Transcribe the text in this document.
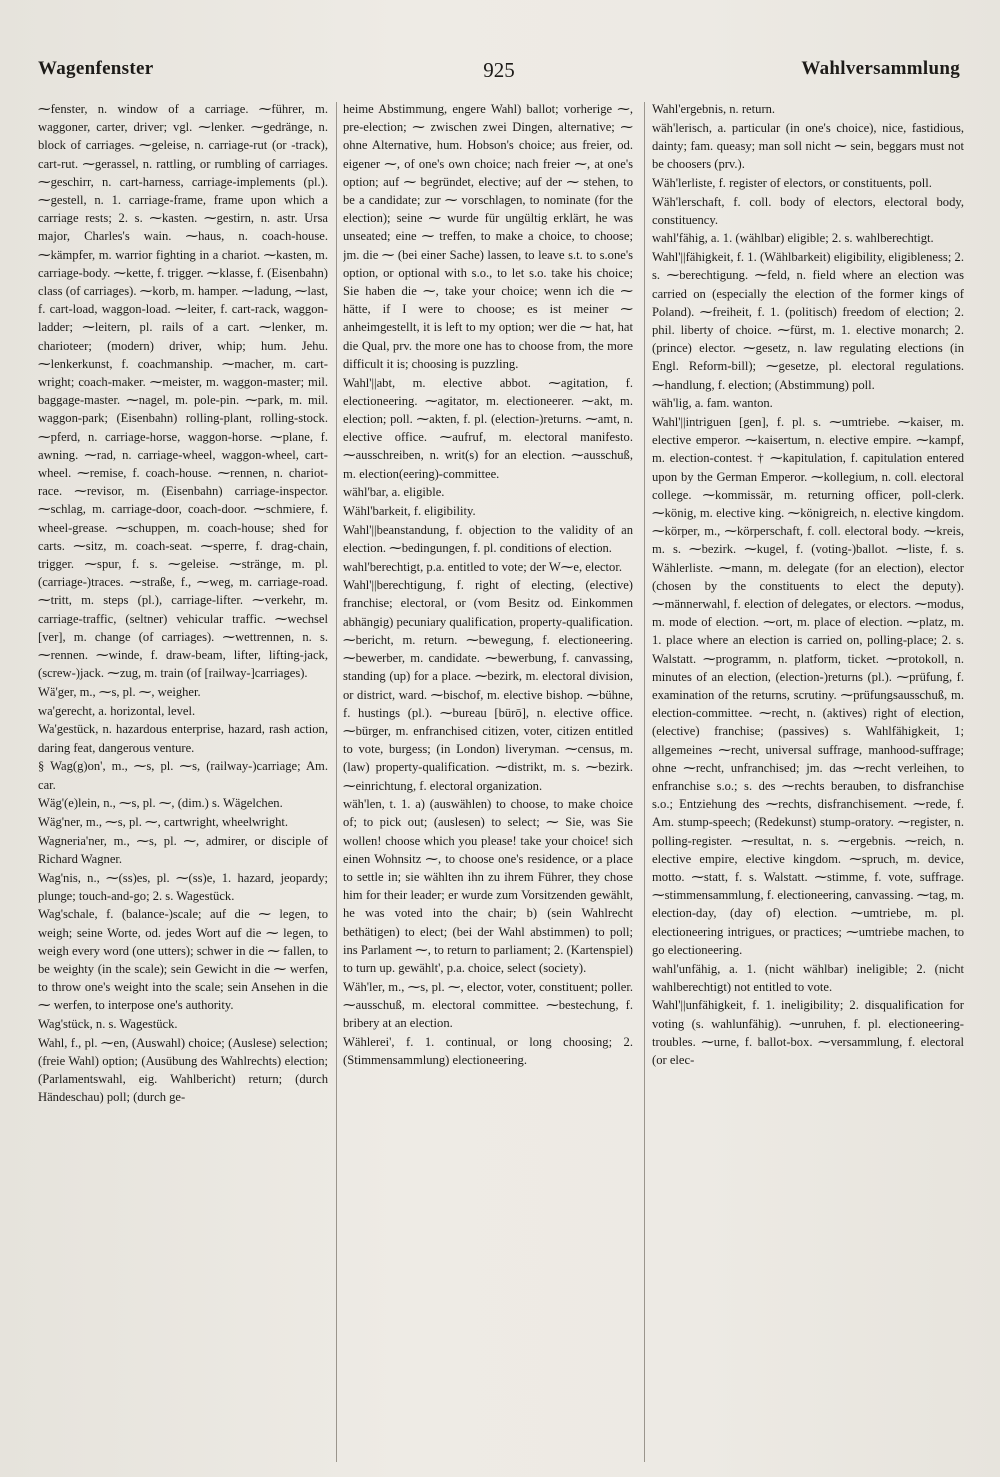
Wagenfenster	925	Wahlversammlung
⁓fenster, n. window of a carriage. ⁓führer, m. waggoner, carter, driver; vgl. ⁓lenker. ⁓gedränge, n. block of carriages. ⁓geleise, n. carriage-rut (or -track), cart-rut. ⁓gerassel, n. rattling, or rumbling of carriages. ⁓geschirr, n. cart-harness, carriage-implements (pl.). ⁓gestell, n. 1. carriage-frame, frame upon which a carriage rests; 2. s. ⁓kasten. ⁓gestirn, n. astr. Ursa major, Charles's wain. ⁓haus, n. coach-house. ⁓kämpfer, m. warrior fighting in a chariot. ⁓kasten, m. carriage-body. ⁓kette, f. trigger. ⁓klasse, f. (Eisenbahn) class (of carriages). ⁓korb, m. hamper. ⁓ladung, ⁓last, f. cart-load, waggon-load. ⁓leiter, f. cart-rack, waggon-ladder; ⁓leitern, pl. rails of a cart. ⁓lenker, m. charioteer; (modern) driver, whip; hum. Jehu. ⁓lenkerkunst, f. coachmanship. ⁓macher, m. cart-wright; coach-maker. ⁓meister, m. waggon-master; mil. baggage-master. ⁓nagel, m. pole-pin. ⁓park, m. mil. waggon-park; (Eisenbahn) rolling-plant, rolling-stock. ⁓pferd, n. carriage-horse, waggon-horse. ⁓plane, f. awning. ⁓rad, n. carriage-wheel, waggon-wheel, cart-wheel. ⁓remise, f. coach-house. ⁓rennen, n. chariot-race. ⁓revisor, m. (Eisenbahn) carriage-inspector. ⁓schlag, m. carriage-door, coach-door. ⁓schmiere, f. wheel-grease. ⁓schuppen, m. coach-house; shed for carts. ⁓sitz, m. coach-seat. ⁓sperre, f. drag-chain, trigger. ⁓spur, f. s. ⁓geleise. ⁓stränge, m. pl. (carriage-)traces. ⁓straße, f., ⁓weg, m. carriage-road. ⁓tritt, m. steps (pl.), carriage-lifter. ⁓verkehr, m. carriage-traffic, (seltner) vehicular traffic. ⁓wechsel [ver], m. change (of carriages). ⁓wettrennen, n. s. ⁓rennen. ⁓winde, f. draw-beam, lifter, lifting-jack, (screw-)jack. ⁓zug, m. train (of [railway-]carriages).
Wä'ger, m., ⁓s, pl. ⁓, weigher.
wa'gerecht, a. horizontal, level.
Wa'gestück, n. hazardous enterprise, hazard, rash action, daring feat, dangerous venture.
§ Wag(g)on', m., ⁓s, pl. ⁓s, (railway-)carriage; Am. car.
Wäg'(e)lein, n., ⁓s, pl. ⁓, (dim.) s. Wägelchen.
Wäg'ner, m., ⁓s, pl. ⁓, cartwright, wheelwright.
Wagneria'ner, m., ⁓s, pl. ⁓, admirer, or disciple of Richard Wagner.
Wag'nis, n., ⁓(ss)es, pl. ⁓(ss)e, 1. hazard, jeopardy; plunge; touch-and-go; 2. s. Wagestück.
Wag'schale, f. (balance-)scale; auf die ⁓ legen, to weigh; seine Worte, od. jedes Wort auf die ⁓ legen, to weigh every word (one utters); schwer in die ⁓ fallen, to be weighty (in the scale); sein Gewicht in die ⁓ werfen, to throw one's weight into the scale; sein Ansehen in die ⁓ werfen, to interpose one's authority.
Wag'stück, n. s. Wagestück.
Wahl, f., pl. ⁓en, (Auswahl) choice; (Auslese) selection; (freie Wahl) option; (Ausübung des Wahlrechts) election; (Parlamentswahl, eig. Wahlbericht) return; (durch Händeschau) poll; (durch ge-
heime Abstimmung, engere Wahl) ballot; vorherige ⁓, pre-election; ⁓ zwischen zwei Dingen, alternative; ⁓ ohne Alternative, hum. Hobson's choice; aus freier, od. eigener ⁓, of one's own choice; nach freier ⁓, at one's option; auf ⁓ begründet, elective; auf der ⁓ stehen, to be a candidate; zur ⁓ vorschlagen, to nominate (for the election); seine ⁓ wurde für ungültig erklärt, he was unseated; eine ⁓ treffen, to make a choice, to choose; jm. die ⁓ (bei einer Sache) lassen, to leave s.t. to s.one's option, or optional with s.o., to let s.o. take his choice; Sie haben die ⁓, take your choice; wenn ich die ⁓ hätte, if I were to choose; es ist meiner ⁓ anheimgestellt, it is left to my option; wer die ⁓ hat, hat die Qual, prv. the more one has to choose from, the more difficult it is; choosing is puzzling.
Wahl'||abt, m. elective abbot. ⁓agitation, f. electioneering. ⁓agitator, m. electioneerer. ⁓akt, m. election; poll. ⁓akten, f. pl. (election-)returns. ⁓amt, n. elective office. ⁓aufruf, m. electoral manifesto. ⁓ausschreiben, n. writ(s) for an election. ⁓ausschuß, m. election(eering)-committee.
wähl'bar, a. eligible.
Wähl'barkeit, f. eligibility.
Wahl'||beanstandung, f. objection to the validity of an election. ⁓bedingungen, f. pl. conditions of election.
wahl'berechtigt, p.a. entitled to vote; der W⁓e, elector.
Wahl'||berechtigung, f. right of electing, (elective) franchise; electoral, or (vom Besitz od. Einkommen abhängig) pecuniary qualification, property-qualification. ⁓bericht, m. return. ⁓bewegung, f. electioneering. ⁓bewerber, m. candidate. ⁓bewerbung, f. canvassing, standing (up) for a place. ⁓bezirk, m. electoral division, or district, ward. ⁓bischof, m. elective bishop. ⁓bühne, f. hustings (pl.). ⁓bureau [bürō], n. elective office. ⁓bürger, m. enfranchised citizen, voter, citizen entitled to vote, burgess; (in London) liveryman. ⁓census, m. (law) property-qualification. ⁓distrikt, m. s. ⁓bezirk. ⁓einrichtung, f. electoral organization.
wäh'len, t. 1. a) (auswählen) to choose, to make choice of; to pick out; (auslesen) to select; ⁓ Sie, was Sie wollen! choose which you please! take your choice! sich einen Wohnsitz ⁓, to choose one's residence, or a place to settle in; sie wählten ihn zu ihrem Führer, they chose him for their leader; er wurde zum Vorsitzenden gewählt, he was voted into the chair; b) (sein Wahlrecht bethätigen) to elect; (bei der Wahl abstimmen) to poll; ins Parlament ⁓, to return to parliament; 2. (Kartenspiel) to turn up. gewählt', p.a. choice, select (society).
Wäh'ler, m., ⁓s, pl. ⁓, elector, voter, constituent; poller. ⁓ausschuß, m. electoral committee. ⁓bestechung, f. bribery at an election.
Wählerei', f. 1. continual, or long choosing; 2. (Stimmensammlung) electioneering.
Wahl'ergebnis, n. return.
wäh'lerisch, a. particular (in one's choice), nice, fastidious, dainty; fam. queasy; man soll nicht ⁓ sein, beggars must not be choosers (prv.).
Wäh'lerliste, f. register of electors, or constituents, poll.
Wäh'lerschaft, f. coll. body of electors, electoral body, constituency.
wahl'fähig, a. 1. (wählbar) eligible; 2. s. wahlberechtigt.
Wahl'||fähigkeit, f. 1. (Wählbarkeit) eligibility, eligibleness; 2. s. ⁓berechtigung. ⁓feld, n. field where an election was carried on (especially the election of the former kings of Poland). ⁓freiheit, f. 1. (politisch) freedom of election; 2. phil. liberty of choice. ⁓fürst, m. 1. elective monarch; 2. (prince) elector. ⁓gesetz, n. law regulating elections (in Engl. Reform-bill); ⁓gesetze, pl. electoral regulations. ⁓handlung, f. election; (Abstimmung) poll.
wäh'lig, a. fam. wanton.
Wahl'||intriguen [gen], f. pl. s. ⁓umtriebe. ⁓kaiser, m. elective emperor. ⁓kaisertum, n. elective empire. ⁓kampf, m. election-contest. † ⁓kapitulation, f. capitulation entered upon by the German Emperor. ⁓kollegium, n. coll. electoral college. ⁓kommissär, m. returning officer, poll-clerk. ⁓könig, m. elective king. ⁓königreich, n. elective kingdom. ⁓körper, m., ⁓körperschaft, f. coll. electoral body. ⁓kreis, m. s. ⁓bezirk. ⁓kugel, f. (voting-)ballot. ⁓liste, f. s. Wählerliste. ⁓mann, m. delegate (for an election), elector (chosen by the constituents to elect the deputy). ⁓männerwahl, f. election of delegates, or electors. ⁓modus, m. mode of election. ⁓ort, m. place of election. ⁓platz, m. 1. place where an election is carried on, polling-place; 2. s. Walstatt. ⁓programm, n. platform, ticket. ⁓protokoll, n. minutes of an election, (election-)returns (pl.). ⁓prüfung, f. examination of the returns, scrutiny. ⁓prüfungsausschuß, m. election-committee. ⁓recht, n. (aktives) right of election, (elective) franchise; (passives) s. Wahlfähigkeit, 1; allgemeines ⁓recht, universal suffrage, manhood-suffrage; ohne ⁓recht, unfranchised; jm. das ⁓recht verleihen, to enfranchise s.o.; s. des ⁓rechts berauben, to disfranchise s.o.; Entziehung des ⁓rechts, disfranchisement. ⁓rede, f. Am. stump-speech; (Redekunst) stump-oratory. ⁓register, n. polling-register. ⁓resultat, n. s. ⁓ergebnis. ⁓reich, n. elective empire, elective kingdom. ⁓spruch, m. device, motto. ⁓statt, f. s. Walstatt. ⁓stimme, f. vote, suffrage. ⁓stimmensammlung, f. electioneering, canvassing. ⁓tag, m. election-day, (day of) election. ⁓umtriebe, m. pl. electioneering intrigues, or practices; ⁓umtriebe machen, to go electioneering.
wahl'unfähig, a. 1. (nicht wählbar) ineligible; 2. (nicht wahlberechtigt) not entitled to vote.
Wahl'||unfähigkeit, f. 1. ineligibility; 2. disqualification for voting (s. wahlunfähig). ⁓unruhen, f. pl. electioneering-troubles. ⁓urne, f. ballot-box. ⁓versammlung, f. electoral (or elec-
